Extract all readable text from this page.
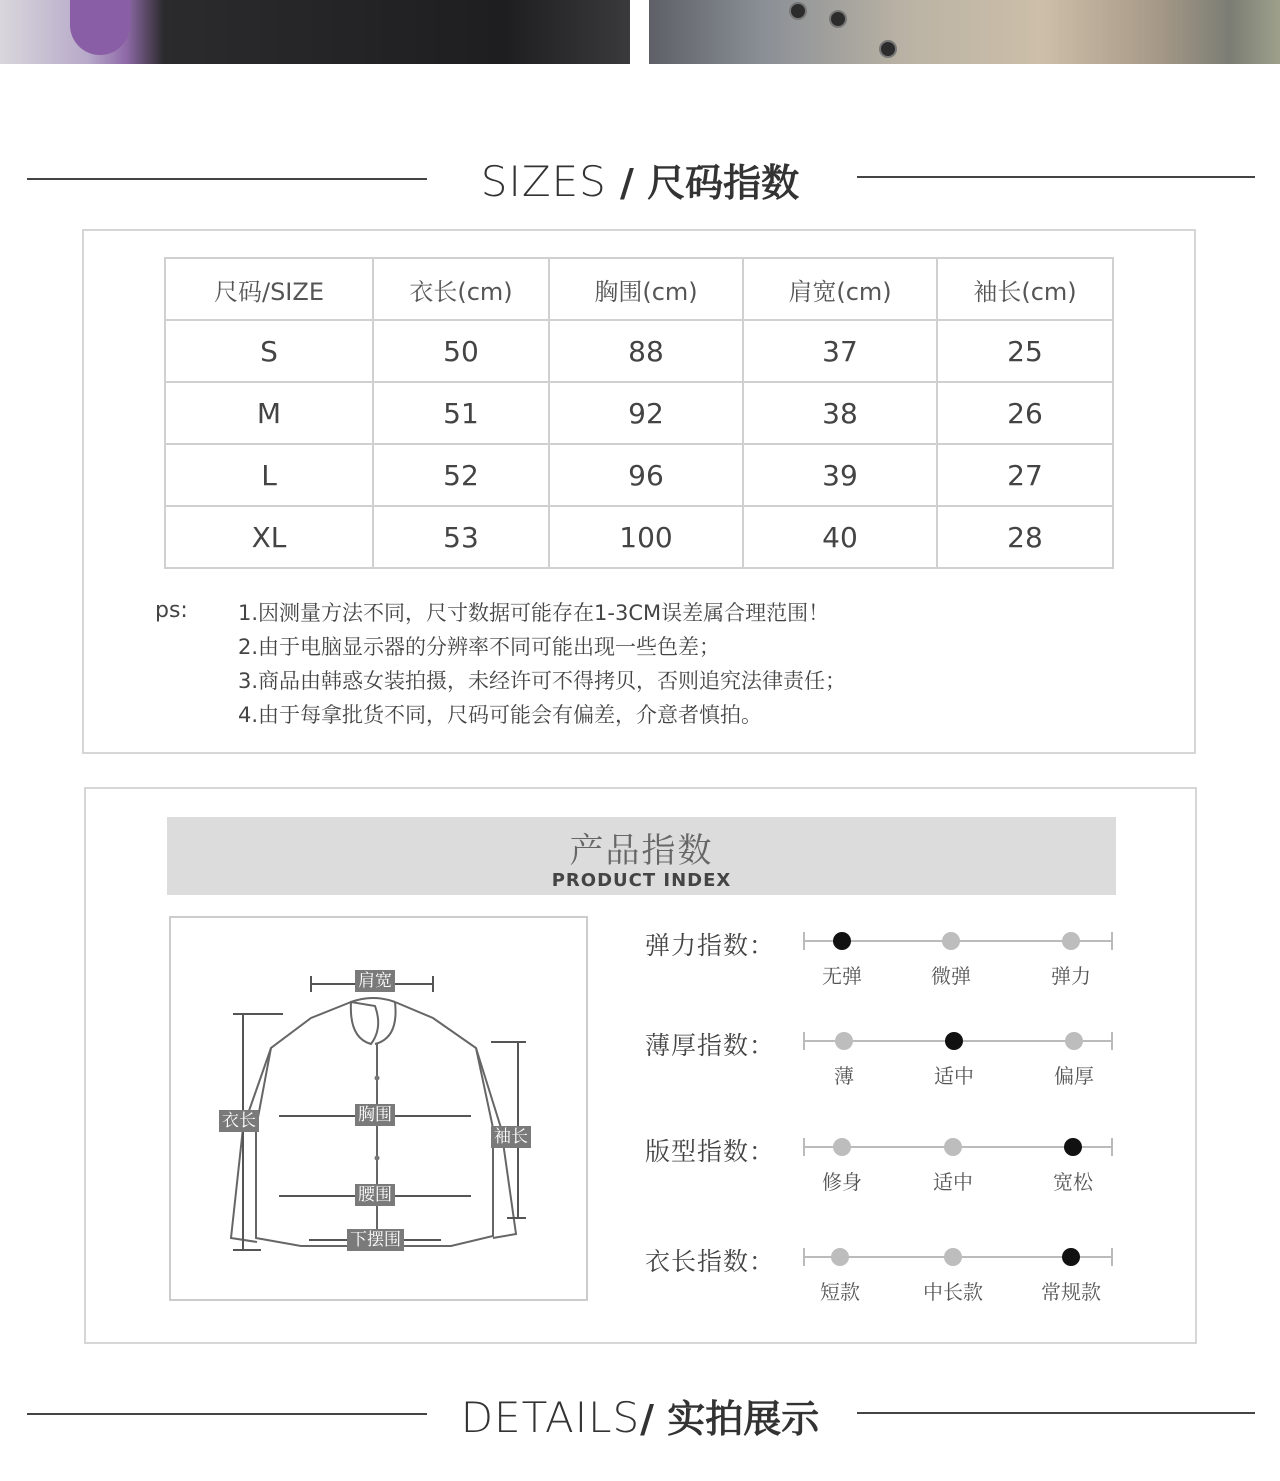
SIZES / 尺码指数
尺码/SIZE	衣长(cm)	胸围(cm)	肩宽(cm)	袖长(cm)
S	50	88	37	25
M	51	92	38	26
L	52	96	39	27
XL	53	100	40	28
ps: 1.因测量方法不同，尺寸数据可能存在1-3CM误差属合理范围！
2.由于电脑显示器的分辨率不同可能出现一些色差；
3.商品由韩惑女装拍摄，未经许可不得拷贝，否则追究法律责任；
4.由于每拿批货不同，尺码可能会有偏差，介意者慎拍。
产品指数
PRODUCT INDEX
肩宽
衣长	胸围
袖长
腰围
下摆围
弹力指数：
无弹	微弹	弹力
薄厚指数：
薄	适中	偏厚
版型指数：
修身	适中	宽松
衣长指数：
短款	中长款	常规款
DETAILS/ 实拍展示
